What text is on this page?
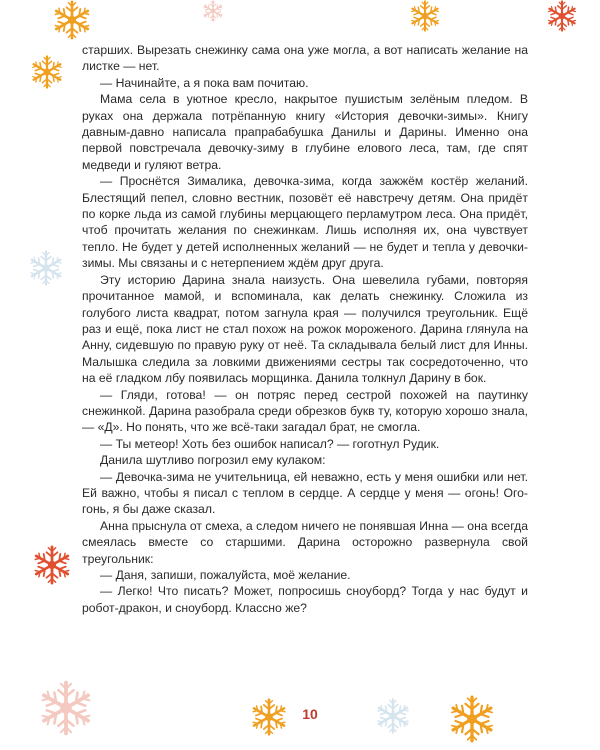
старших. Вырезать снежинку сама она уже могла, а вот написать желание на листке — нет.

— Начинайте, а я пока вам почитаю.

Мама села в уютное кресло, накрытое пушистым зелёным пледом. В руках она держала потрёпанную книгу «История девочки-зимы». Книгу давным-давно написала прапрабабушка Данилы и Дарины. Именно она первой повстречала девочку-зиму в глубине елового леса, там, где спят медведи и гуляют ветра.

— Проснётся Зималика, девочка-зима, когда зажжём костёр желаний. Блестящий пепел, словно вестник, позовёт её навстречу детям. Она придёт по корке льда из самой глубины мерцающего перламутром леса. Она придёт, чтоб прочитать желания по снежинкам. Лишь исполняя их, она чувствует тепло. Не будет у детей исполненных желаний — не будет и тепла у девочки-зимы. Мы связаны и с нетерпением ждём друг друга.

Эту историю Дарина знала наизусть. Она шевелила губами, повторяя прочитанное мамой, и вспоминала, как делать снежинку. Сложила из голубого листа квадрат, потом загнула края — получился треугольник. Ещё раз и ещё, пока лист не стал похож на рожок мороженого. Дарина глянула на Анну, сидевшую по правую руку от неё. Та складывала белый лист для Инны. Малышка следила за ловкими движениями сестры так сосредоточенно, что на её гладком лбу появилась морщинка. Данила толкнул Дарину в бок.

— Гляди, готова! — он потряс перед сестрой похожей на паутинку снежинкой. Дарина разобрала среди обрезков букв ту, которую хорошо знала, — «Д». Но понять, что же всё-таки загадал брат, не смогла.

— Ты метеор! Хоть без ошибок написал? — гоготнул Рудик.

Данила шутливо погрозил ему кулаком:

— Девочка-зима не учительница, ей неважно, есть у меня ошибки или нет. Ей важно, чтобы я писал с теплом в сердце. А сердце у меня — огонь! Ого-гонь, я бы даже сказал.

Анна прыснула от смеха, а следом ничего не понявшая Инна — она всегда смеялась вместе со старшими. Дарина осторожно развернула свой треугольник:

— Даня, запиши, пожалуйста, моё желание.

— Легко! Что писать? Может, попросишь сноуборд? Тогда у нас будут и робот-дракон, и сноуборд. Классно же?

10
